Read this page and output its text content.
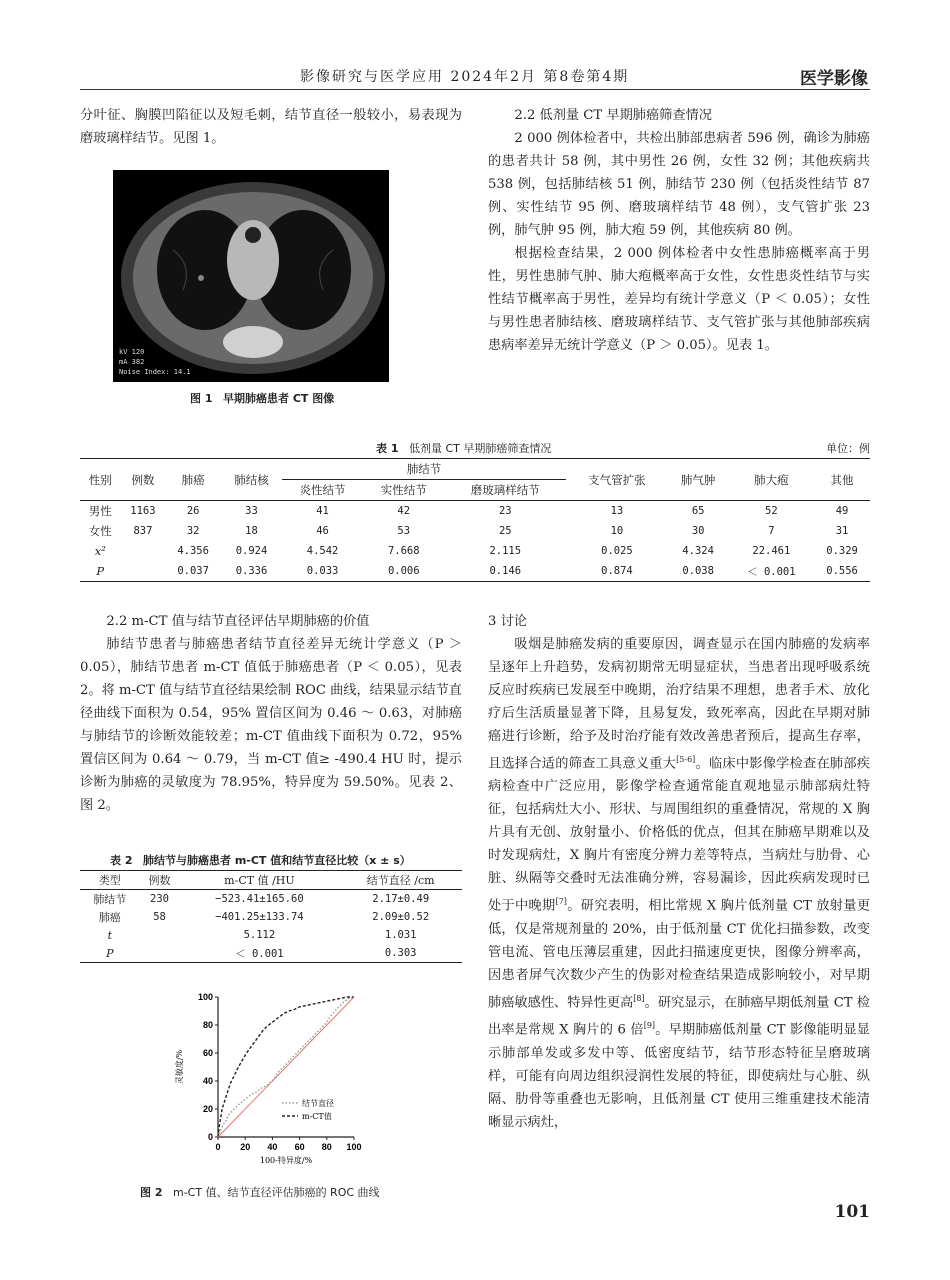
影像研究与医学应用 2024年2月 第8卷第4期	医学影像

分叶征、胸膜凹陷征以及短毛刺，结节直径一般较小，易表现为磨玻璃样结节。见图 1。

kV 120
mA 382
Noise Index: 14.1
图 1 早期肺癌患者 CT 图像

2.2 低剂量 CT 早期肺癌筛查情况

2 000 例体检者中，共检出肺部患病者 596 例，确诊为肺癌的患者共计 58 例，其中男性 26 例，女性 32 例；其他疾病共 538 例，包括肺结核 51 例，肺结节 230 例（包括炎性结节 87 例、实性结节 95 例、磨玻璃样结节 48 例），支气管扩张 23 例，肺气肿 95 例，肺大疱 59 例，其他疾病 80 例。

根据检查结果，2 000 例体检者中女性患肺癌概率高于男性，男性患肺气肿、肺大疱概率高于女性，女性患炎性结节与实性结节概率高于男性，差异均有统计学意义（P ＜ 0.05）；女性与男性患者肺结核、磨玻璃样结节、支气管扩张与其他肺部疾病患病率差异无统计学意义（P ＞ 0.05）。见表 1。

表 1 低剂量 CT 早期肺癌筛查情况	单位：例
性别	例数	肺癌	肺结核	肺结节			支气管扩张	肺气肿	肺大疱	其他
				炎性结节	实性结节	磨玻璃样结节				
男性	1163	26	33	41	42	23	13	65	52	49
女性	837	32	18	46	53	25	10	30	7	31
x²		4.356	0.924	4.542	7.668	2.115	0.025	4.324	22.461	0.329
P		0.037	0.336	0.033	0.006	0.146	0.874	0.038	＜ 0.001	0.556

2.2 m-CT 值与结节直径评估早期肺癌的价值

肺结节患者与肺癌患者结节直径差异无统计学意义（P ＞ 0.05），肺结节患者 m-CT 值低于肺癌患者（P ＜ 0.05），见表 2。将 m-CT 值与结节直径结果绘制 ROC 曲线，结果显示结节直径曲线下面积为 0.54，95% 置信区间为 0.46 ～ 0.63，对肺癌与肺结节的诊断效能较差；m-CT 值曲线下面积为 0.72，95% 置信区间为 0.64 ～ 0.79，当 m-CT 值≥ -490.4 HU 时，提示诊断为肺癌的灵敏度为 78.95%，特异度为 59.50%。见表 2、图 2。

表 2 肺结节与肺癌患者 m-CT 值和结节直径比较（x ± s）
类型	例数	m-CT 值 /HU	结节直径 /cm
肺结节	230	−523.41±165.60	2.17±0.49
肺癌	58	−401.25±133.74	2.09±0.52
t		5.112	1.031
P		＜ 0.001	0.303
0
20
40
60
80
100
0 20 40 60 80 100
100-特异度/%
灵敏度/%
结节直径
m-CT值
图 2 m-CT 值、结节直径评估肺癌的 ROC 曲线

3 讨论

吸烟是肺癌发病的重要原因，调查显示在国内肺癌的发病率呈逐年上升趋势，发病初期常无明显症状，当患者出现呼吸系统反应时疾病已发展至中晚期，治疗结果不理想，患者手术、放化疗后生活质量显著下降，且易复发，致死率高，因此在早期对肺癌进行诊断，给予及时治疗能有效改善患者预后，提高生存率，且选择合适的筛查工具意义重大[5-6]。临床中影像学检查在肺部疾病检查中广泛应用，影像学检查通常能直观地显示肺部病灶特征，包括病灶大小、形状、与周围组织的重叠情况，常规的 X 胸片具有无创、放射量小、价格低的优点，但其在肺癌早期难以及时发现病灶，X 胸片有密度分辨力差等特点，当病灶与肋骨、心脏、纵隔等交叠时无法准确分辨，容易漏诊，因此疾病发现时已处于中晚期[7]。研究表明，相比常规 X 胸片低剂量 CT 放射量更低，仅是常规剂量的 20%，由于低剂量 CT 优化扫描参数，改变管电流、管电压薄层重建，因此扫描速度更快，图像分辨率高，因患者屏气次数少产生的伪影对检查结果造成影响较小，对早期肺癌敏感性、特异性更高[8]。研究显示，在肺癌早期低剂量 CT 检出率是常规 X 胸片的 6 倍[9]。早期肺癌低剂量 CT 影像能明显显示肺部单发或多发中等、低密度结节，结节形态特征呈磨玻璃样，可能有向周边组织浸润性发展的特征，即使病灶与心脏、纵隔、肋骨等重叠也无影响，且低剂量 CT 使用三维重建技术能清晰显示病灶，

101
